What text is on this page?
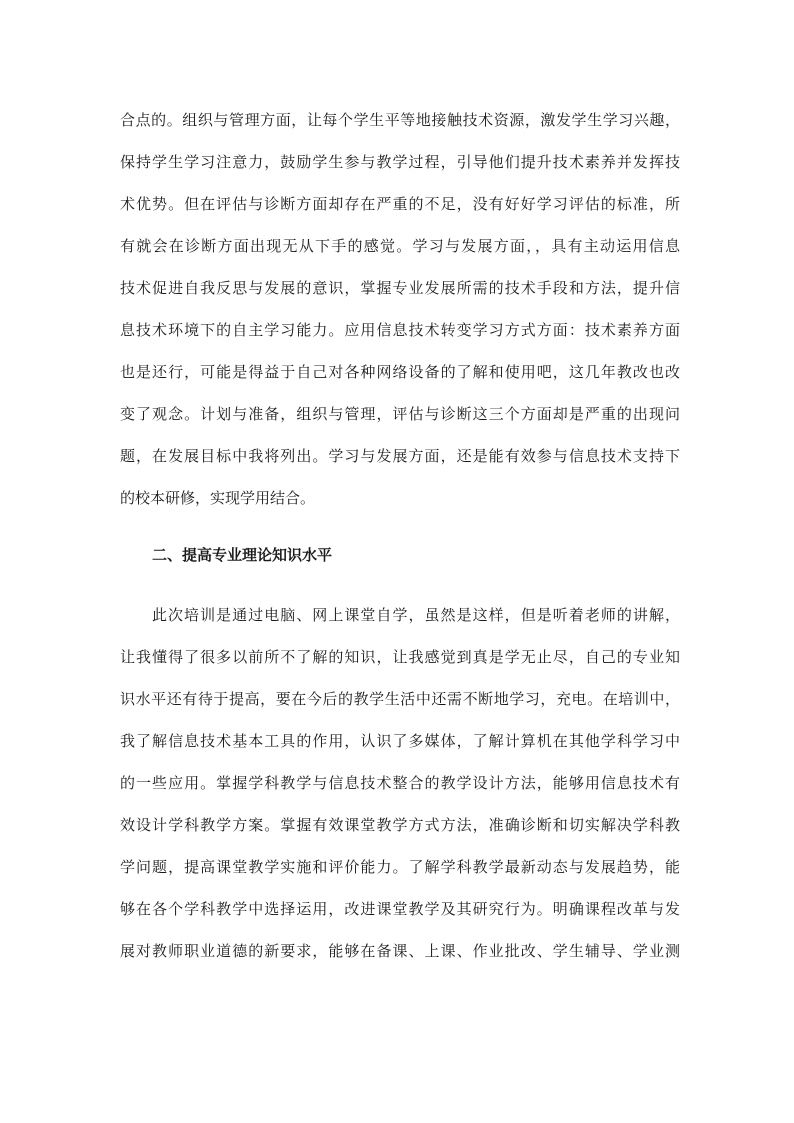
合点的。组织与管理方面，让每个学生平等地接触技术资源，激发学生学习兴趣，
保持学生学习注意力，鼓励学生参与教学过程，引导他们提升技术素养并发挥技
术优势。但在评估与诊断方面却存在严重的不足，没有好好学习评估的标准，所
有就会在诊断方面出现无从下手的感觉。学习与发展方面，，具有主动运用信息
技术促进自我反思与发展的意识，掌握专业发展所需的技术手段和方法，提升信
息技术环境下的自主学习能力。应用信息技术转变学习方式方面：技术素养方面
也是还行，可能是得益于自己对各种网络设备的了解和使用吧，这几年教改也改
变了观念。计划与准备，组织与管理，评估与诊断这三个方面却是严重的出现问
题，在发展目标中我将列出。学习与发展方面，还是能有效参与信息技术支持下
的校本研修，实现学用结合。
二、提高专业理论知识水平
此次培训是通过电脑、网上课堂自学，虽然是这样，但是听着老师的讲解，
让我懂得了很多以前所不了解的知识，让我感觉到真是学无止尽，自己的专业知
识水平还有待于提高，要在今后的教学生活中还需不断地学习，充电。在培训中，
我了解信息技术基本工具的作用，认识了多媒体，了解计算机在其他学科学习中
的一些应用。掌握学科教学与信息技术整合的教学设计方法，能够用信息技术有
效设计学科教学方案。掌握有效课堂教学方式方法，准确诊断和切实解决学科教
学问题，提高课堂教学实施和评价能力。了解学科教学最新动态与发展趋势，能
够在各个学科教学中选择运用，改进课堂教学及其研究行为。明确课程改革与发
展对教师职业道德的新要求，能够在备课、上课、作业批改、学生辅导、学业测
